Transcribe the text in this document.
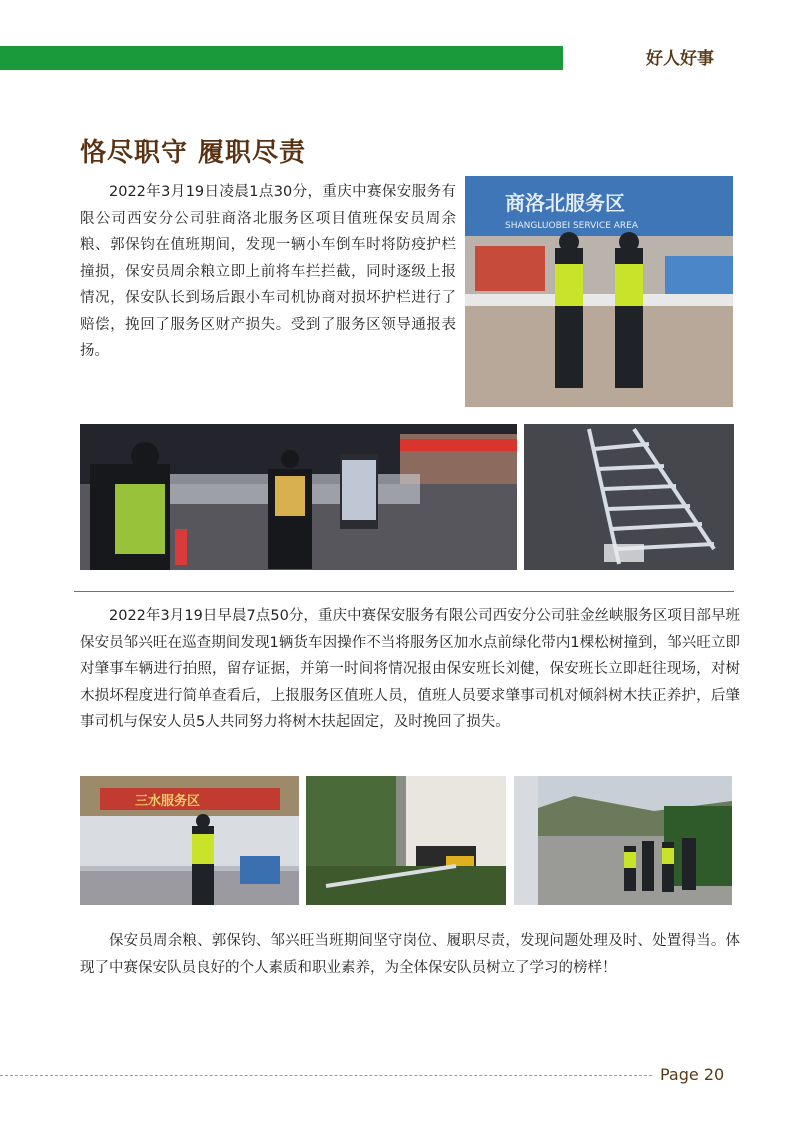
好人好事
恪尽职守 履职尽责

2022年3月19日凌晨1点30分，重庆中赛保安服务有限公司西安分公司驻商洛北服务区项目值班保安员周余粮、郭保钧在值班期间，发现一辆小车倒车时将防疫护栏撞损，保安员周余粮立即上前将车拦拦截，同时逐级上报情况，保安队长到场后跟小车司机协商对损坏护栏进行了赔偿，挽回了服务区财产损失。受到了服务区领导通报表扬。

商洛北服务区
SHANGLUOBEI SERVICE AREA

2022年3月19日早晨7点50分，重庆中赛保安服务有限公司西安分公司驻金丝峡服务区项目部早班保安员邹兴旺在巡查期间发现1辆货车因操作不当将服务区加水点前绿化带内1棵松树撞到，邹兴旺立即对肇事车辆进行拍照，留存证据，并第一时间将情况报由保安班长刘健，保安班长立即赶往现场，对树木损坏程度进行简单查看后，上报服务区值班人员，值班人员要求肇事司机对倾斜树木扶正养护，后肇事司机与保安人员5人共同努力将树木扶起固定，及时挽回了损失。

三水服务区

保安员周余粮、郭保钧、邹兴旺当班期间坚守岗位、履职尽责，发现问题处理及时、处置得当。体现了中赛保安队员良好的个人素质和职业素养，为全体保安队员树立了学习的榜样！

Page 20
